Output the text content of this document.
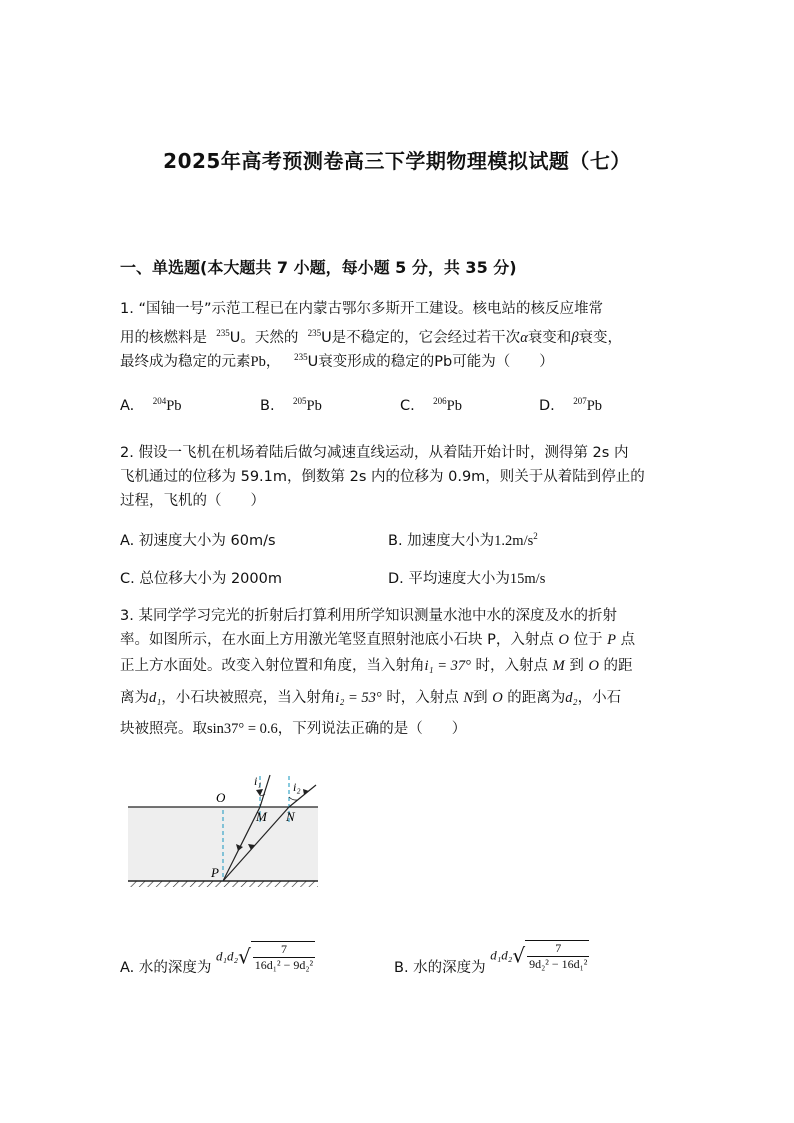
2025年高考预测卷高三下学期物理模拟试题（七）
一、单选题(本大题共 7 小题，每小题 5 分，共 35 分)
1. “国铀一号”示范工程已在内蒙古鄂尔多斯开工建设。核电站的核反应堆常
用的核燃料是 $^{235}$U。天然的 $^{235}$U是不稳定的，它会经过若干次α衰变和β衰变，
最终成为稳定的元素Pb， $^{235}$U衰变形成的稳定的Pb可能为（　　）
A. $^{204}$Pb	B. $^{205}$Pb	C. $^{206}$Pb	D. $^{207}$Pb
2. 假设一飞机在机场着陆后做匀减速直线运动，从着陆开始计时，测得第 2s 内
飞机通过的位移为 59.1m，倒数第 2s 内的位移为 0.9m，则关于从着陆到停止的
过程，飞机的（　　）
A. 初速度大小为 60m/s	B. 加速度大小为$1.2m/s^2$
C. 总位移大小为 2000m	D. 平均速度大小为15m/s
3. 某同学学习完光的折射后打算利用所学知识测量水池中水的深度及水的折射
率。如图所示，在水面上方用激光笔竖直照射池底小石块 P，入射点 O 位于 P 点
正上方水面处。改变入射位置和角度，当入射角i₁ = 37° 时，入射点 M 到 O 的距
离为d₁，小石块被照亮，当入射角i₂ = 53° 时，入射点 N到 O 的距离为d₂，小石
块被照亮。取sin37° = 0.6，下列说法正确的是（　　）
O
M N
P
i₁	i₂
A. 水的深度为 $d_1d_2√ \frac{7}{\text{16d₁² − 9d₂²}}$	B. 水的深度为 $d_1d_2√ \frac{7}{\text{9d₂² − 16d₁²}}$
